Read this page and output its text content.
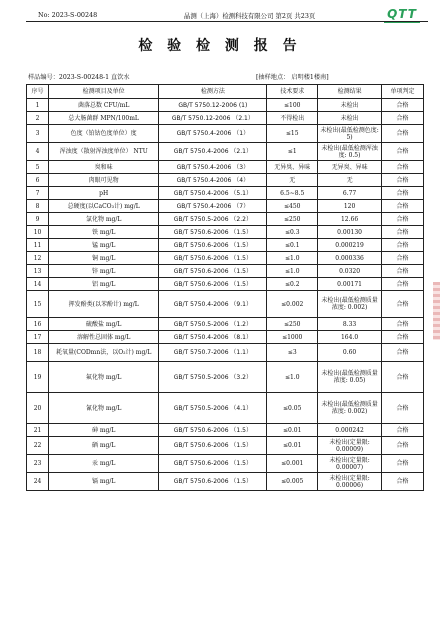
No: 2023-S-00248	晶测（上海）检测科技有限公司 第2页 共23页	QTT
检 验 检 测 报 告
样品编号：2023-S-00248-1 直饮水	[抽样地点： 启明楼1楼南]
序号	检测项目及单位	检测方法	技术要求	检测结果	单项判定
1	菌落总数 CFU/mL	GB/T 5750.12-2006 (1)	≤100	未检出	合格
2	总大肠菌群 MPN/100mL	GB/T 5750.12-2006 （2.1）	不得检出	未检出	合格
3	色度（铂钴色度单位）度	GB/T 5750.4-2006 （1）	≤15	未检出(最低检测色度: 5)	合格
4	浑浊度（散射浑浊度单位） NTU	GB/T 5750.4-2006 （2.1）	≤1	未检出(最低检测浑浊度: 0.5)	合格
5	臭和味	GB/T 5750.4-2006 （3）	无异臭、异味	无异臭、异味	合格
6	肉眼可见物	GB/T 5750.4-2006 （4）	无	无	合格
7	pH	GB/T 5750.4-2006 （5.1）	6.5~8.5	6.77	合格
8	总硬度(以CaCO₃计) mg/L	GB/T 5750.4-2006 （7）	≤450	120	合格
9	氯化物 mg/L	GB/T 5750.5-2006 （2.2）	≤250	12.66	合格
10	铁 mg/L	GB/T 5750.6-2006 （1.5）	≤0.3	0.00130	合格
11	锰 mg/L	GB/T 5750.6-2006 （1.5）	≤0.1	0.000219	合格
12	铜 mg/L	GB/T 5750.6-2006 （1.5）	≤1.0	0.000336	合格
13	锌 mg/L	GB/T 5750.6-2006 （1.5）	≤1.0	0.0320	合格
14	铝 mg/L	GB/T 5750.6-2006 （1.5）	≤0.2	0.00171	合格
15	挥发酚类(以苯酚计) mg/L	GB/T 5750.4-2006 （9.1）	≤0.002	未检出(最低检测质量浓度: 0.002)	合格
16	硫酸盐 mg/L	GB/T 5750.5-2006 （1.2）	≤250	8.33	合格
17	溶解性总固体 mg/L	GB/T 5750.4-2006 （8.1）	≤1000	164.0	合格
18	耗氧量(CODmn法，以O₂计) mg/L	GB/T 5750.7-2006 （1.1）	≤3	0.60	合格
19	氟化物 mg/L	GB/T 5750.5-2006 （3.2）	≤1.0	未检出(最低检测质量浓度: 0.05)	合格
20	氰化物 mg/L	GB/T 5750.5-2006 （4.1）	≤0.05	未检出(最低检测质量浓度: 0.002)	合格
21	砷 mg/L	GB/T 5750.6-2006 （1.5）	≤0.01	0.000242	合格
22	硒 mg/L	GB/T 5750.6-2006 （1.5）	≤0.01	未检出(定量限: 0.00009)	合格
23	汞 mg/L	GB/T 5750.6-2006 （1.5）	≤0.001	未检出(定量限: 0.00007)	合格
24	镉 mg/L	GB/T 5750.6-2006 （1.5）	≤0.005	未检出(定量限: 0.00006)	合格
